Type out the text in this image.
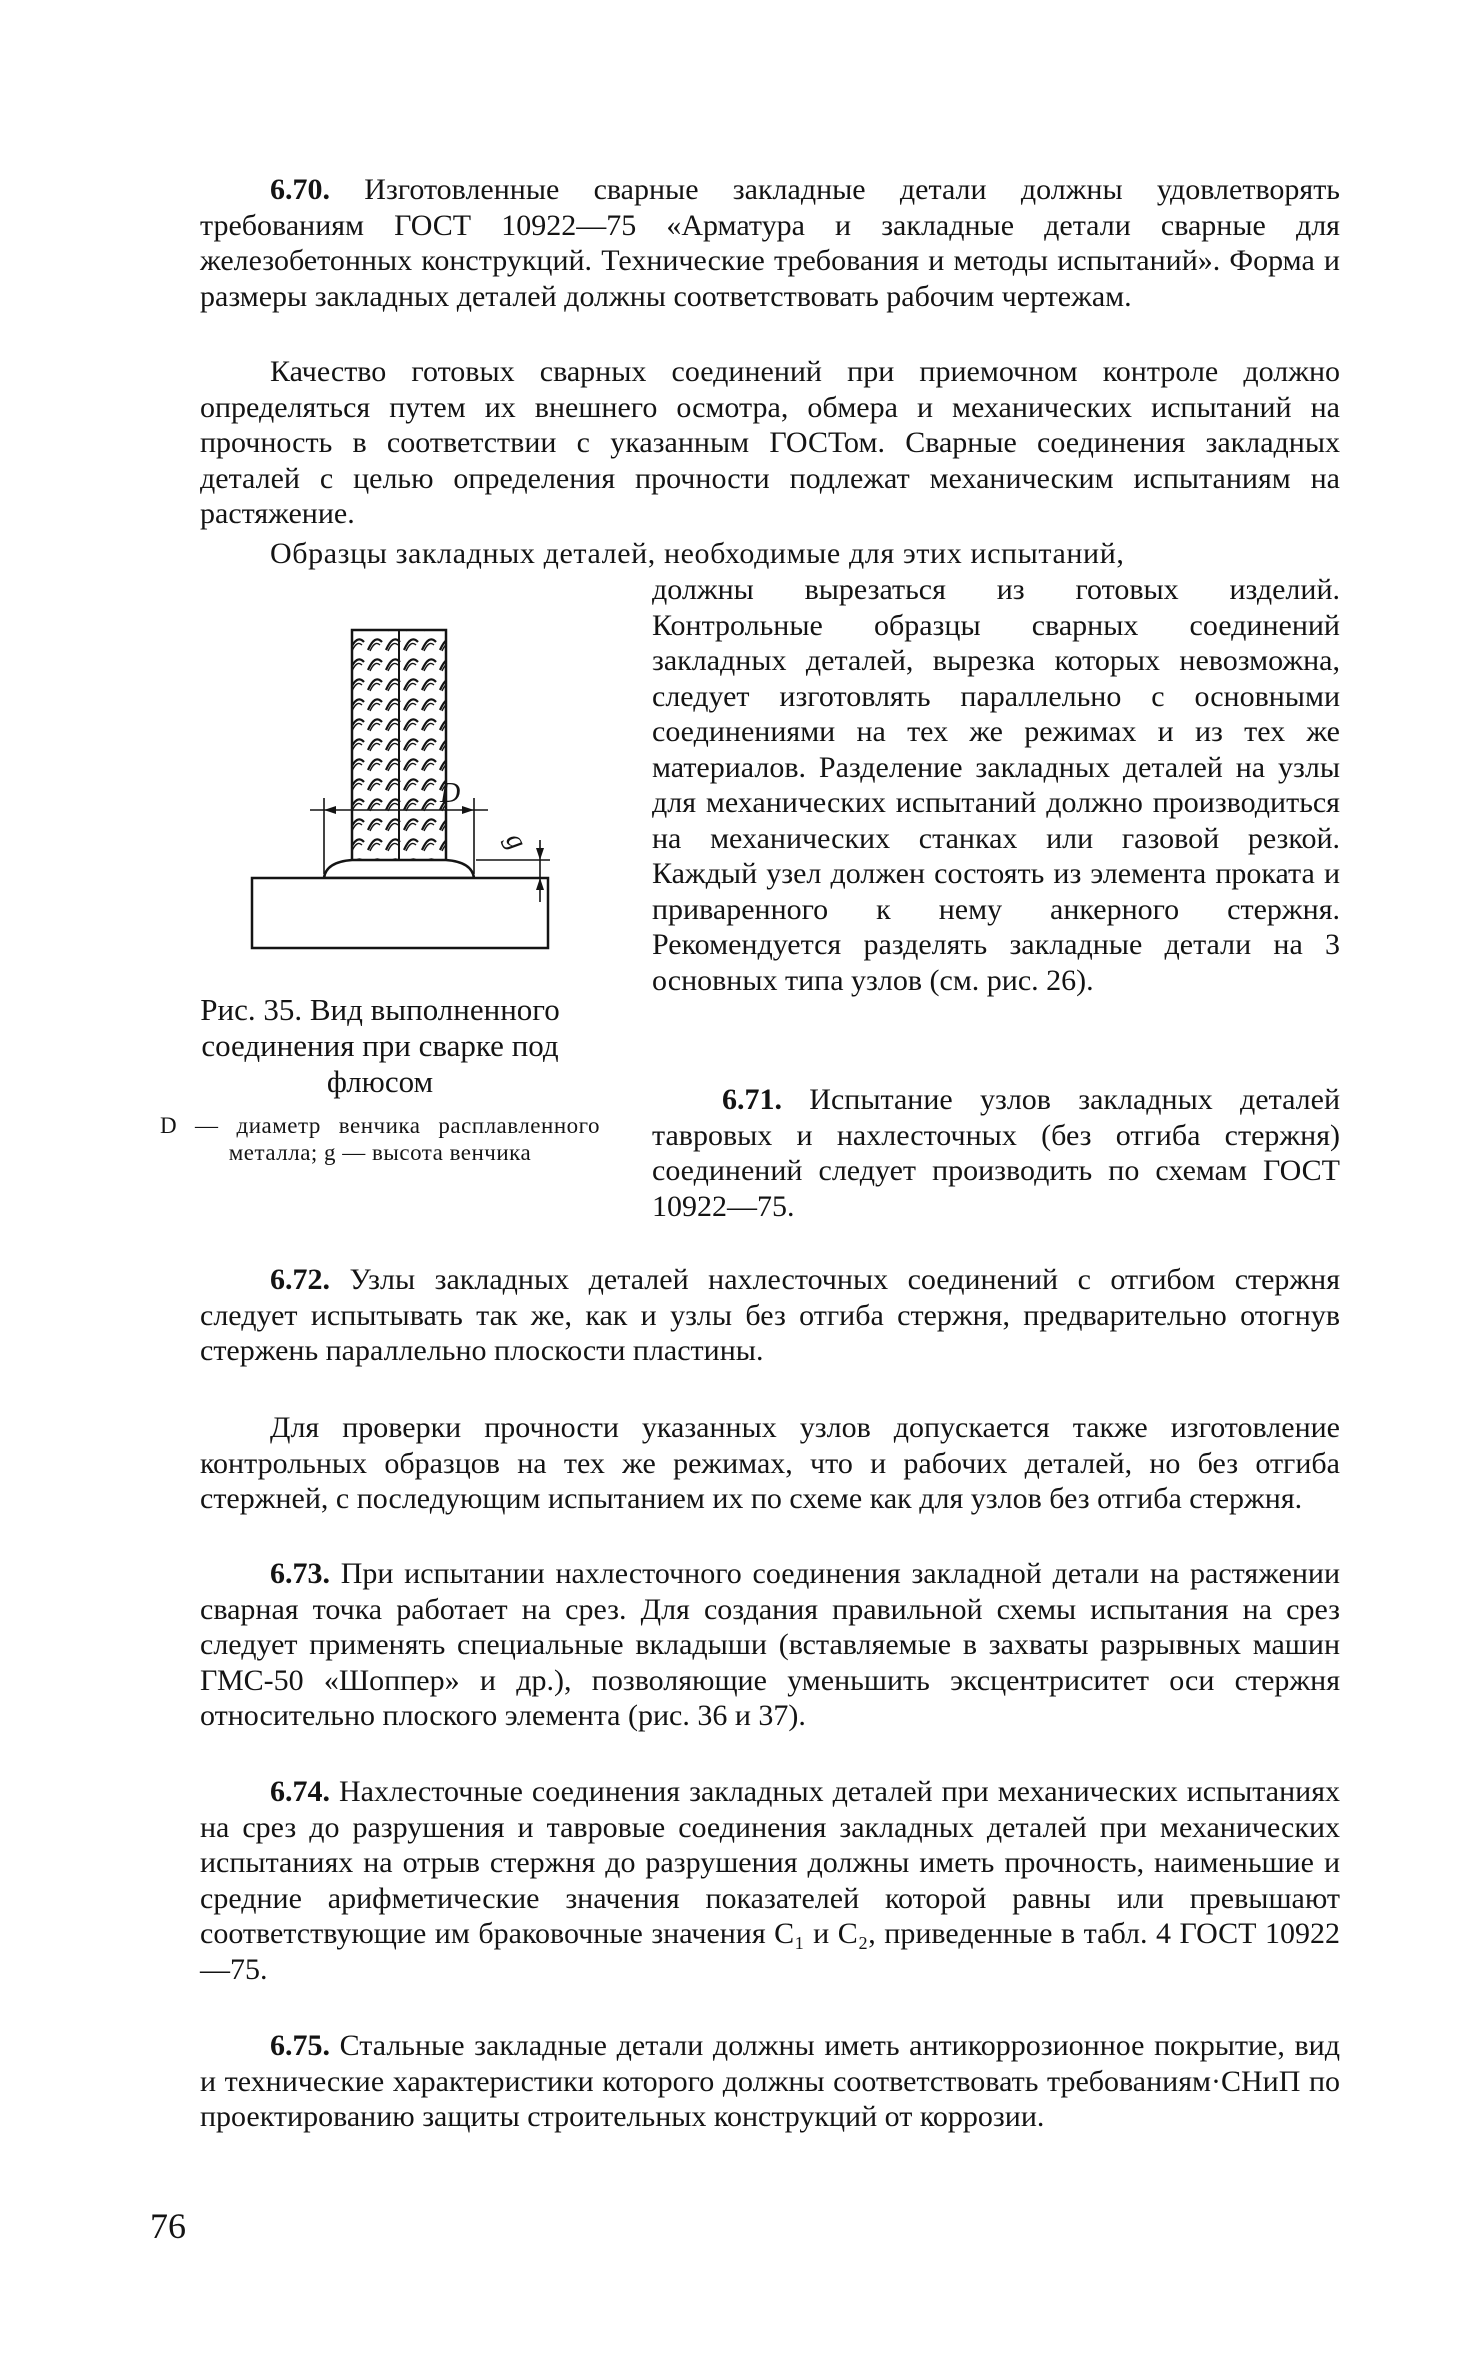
6.70. Изготовленные сварные закладные детали должны удовлетворять требованиям ГОСТ 10922—75 «Арматура и закладные детали сварные для железобетонных конструкций. Технические требования и методы испытаний». Форма и размеры закладных деталей должны соответствовать рабочим чертежам.

Качество готовых сварных соединений при приемочном контроле должно определяться путем их внешнего осмотра, обмера и механических испытаний на прочность в соответствии с указанным ГОСТом. Сварные соединения закладных деталей с целью определения прочности подлежат механическим испытаниям на растяжение.

Образцы закладных деталей, необходимые для этих испытаний,

должны вырезаться из готовых изделий. Контрольные образцы сварных соединений закладных деталей, вырезка которых невозможна, следует изготовлять параллельно с основными соединениями на тех же режимах и из тех же материалов. Разделение закладных деталей на узлы для механических испытаний должно производиться на механических станках или газовой резкой. Каждый узел должен состоять из элемента проката и приваренного к нему анкерного стержня. Рекомендуется разделять закладные детали на 3 основных типа узлов (см. рис. 26).

6.71. Испытание узлов закладных деталей тавровых и нахлесточных (без отгиба стержня) соединений следует производить по схемам ГОСТ 10922—75.

D
g

Рис. 35. Вид выполненного соединения при сварке под флюсом

D — диаметр венчика расплавленного металла; g — высота венчика

6.72. Узлы закладных деталей нахлесточных соединений с отгибом стержня следует испытывать так же, как и узлы без отгиба стержня, предварительно отогнув стержень параллельно плоскости пластины.

Для проверки прочности указанных узлов допускается также изготовление контрольных образцов на тех же режимах, что и рабочих деталей, но без отгиба стержней, с последующим испытанием их по схеме как для узлов без отгиба стержня.

6.73. При испытании нахлесточного соединения закладной детали на растяжении сварная точка работает на срез. Для создания правильной схемы испытания на срез следует применять специальные вкладыши (вставляемые в захваты разрывных машин ГМС-50 «Шоппер» и др.), позволяющие уменьшить эксцентриситет оси стержня относительно плоского элемента (рис. 36 и 37).

6.74. Нахлесточные соединения закладных деталей при механических испытаниях на срез до разрушения и тавровые соединения закладных деталей при механических испытаниях на отрыв стержня до разрушения должны иметь прочность, наименьшие и средние арифметические значения показателей которой равны или превышают соответствующие им браковочные значения C₁ и C₂, приведенные в табл. 4 ГОСТ 10922—75.

6.75. Стальные закладные детали должны иметь антикоррозионное покрытие, вид и технические характеристики которого должны соответствовать требованиям·СНиП по проектированию защиты строительных конструкций от коррозии.

76
